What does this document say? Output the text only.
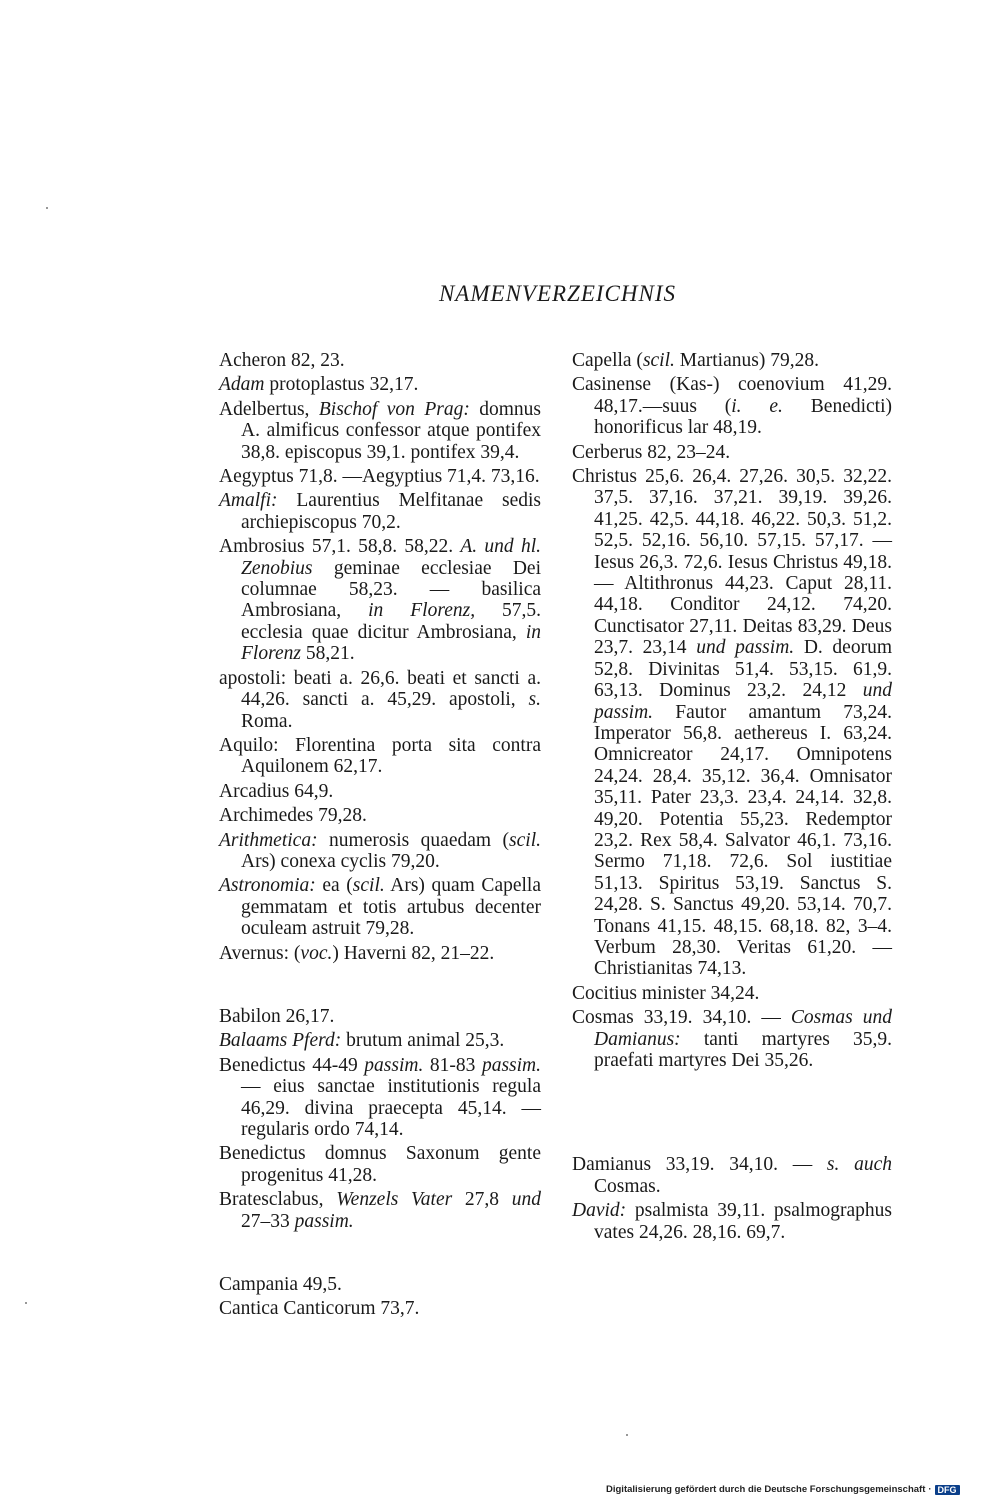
NAMENVERZEICHNIS
Acheron 82, 23.
Adam protoplastus 32,17.
Adelbertus, Bischof von Prag: domnus A. almificus confessor atque pontifex 38,8. episcopus 39,1. pontifex 39,4.
Aegyptus 71,8. —Aegyptius 71,4. 73,16.
Amalfi: Laurentius Melfitanae sedis archiepiscopus 70,2.
Ambrosius 57,1. 58,8. 58,22. A. und hl. Zenobius geminae ecclesiae Dei columnae 58,23. — basilica Ambrosiana, in Florenz, 57,5. ecclesia quae dicitur Ambrosiana, in Florenz 58,21.
apostoli: beati a. 26,6. beati et sancti a. 44,26. sancti a. 45,29. apostoli, s. Roma.
Aquilo: Florentina porta sita contra Aquilonem 62,17.
Arcadius 64,9.
Archimedes 79,28.
Arithmetica: numerosis quaedam (scil. Ars) conexa cyclis 79,20.
Astronomia: ea (scil. Ars) quam Capella gemmatam et totis artubus decenter oculeam astruit 79,28.
Avernus: (voc.) Haverni 82, 21–22.
Babilon 26,17.
Balaams Pferd: brutum animal 25,3.
Benedictus 44-49 passim. 81-83 passim. — eius sanctae institutionis regula 46,29. divina praecepta 45,14. — regularis ordo 74,14.
Benedictus domnus Saxonum gente progenitus 41,28.
Bratesclabus, Wenzels Vater 27,8 und 27–33 passim.
Campania 49,5.
Cantica Canticorum 73,7.
Capella (scil. Martianus) 79,28.
Casinense (Kas-) coenovium 41,29. 48,17.—suus (i. e. Benedicti) honorificus lar 48,19.
Cerberus 82, 23–24.
Christus 25,6. 26,4. 27,26. 30,5. 32,22. 37,5. 37,16. 37,21. 39,19. 39,26. 41,25. 42,5. 44,18. 46,22. 50,3. 51,2. 52,5. 52,16. 56,10. 57,15. 57,17. — Iesus 26,3. 72,6. Iesus Christus 49,18. — Altithronus 44,23. Caput 28,11. 44,18. Conditor 24,12. 74,20. Cunctisator 27,11. Deitas 83,29. Deus 23,7. 23,14 und passim. D. deorum 52,8. Divinitas 51,4. 53,15. 61,9. 63,13. Dominus 23,2. 24,12 und passim. Fautor amantum 73,24. Imperator 56,8. aethereus I. 63,24. Omnicreator 24,17. Omnipotens 24,24. 28,4. 35,12. 36,4. Omnisator 35,11. Pater 23,3. 23,4. 24,14. 32,8. 49,20. Potentia 55,23. Redemptor 23,2. Rex 58,4. Salvator 46,1. 73,16. Sermo 71,18. 72,6. Sol iustitiae 51,13. Spiritus 53,19. Sanctus S. 24,28. S. Sanctus 49,20. 53,14. 70,7. Tonans 41,15. 48,15. 68,18. 82, 3–4. Verbum 28,30. Veritas 61,20. — Christianitas 74,13.
Cocitius minister 34,24.
Cosmas 33,19. 34,10. — Cosmas und Damianus: tanti martyres 35,9. praefati martyres Dei 35,26.
Damianus 33,19. 34,10. — s. auch Cosmas.
David: psalmista 39,11. psalmographus vates 24,26. 28,16. 69,7.
Digitalisierung gefördert durch die Deutsche Forschungsgemeinschaft · DFG
